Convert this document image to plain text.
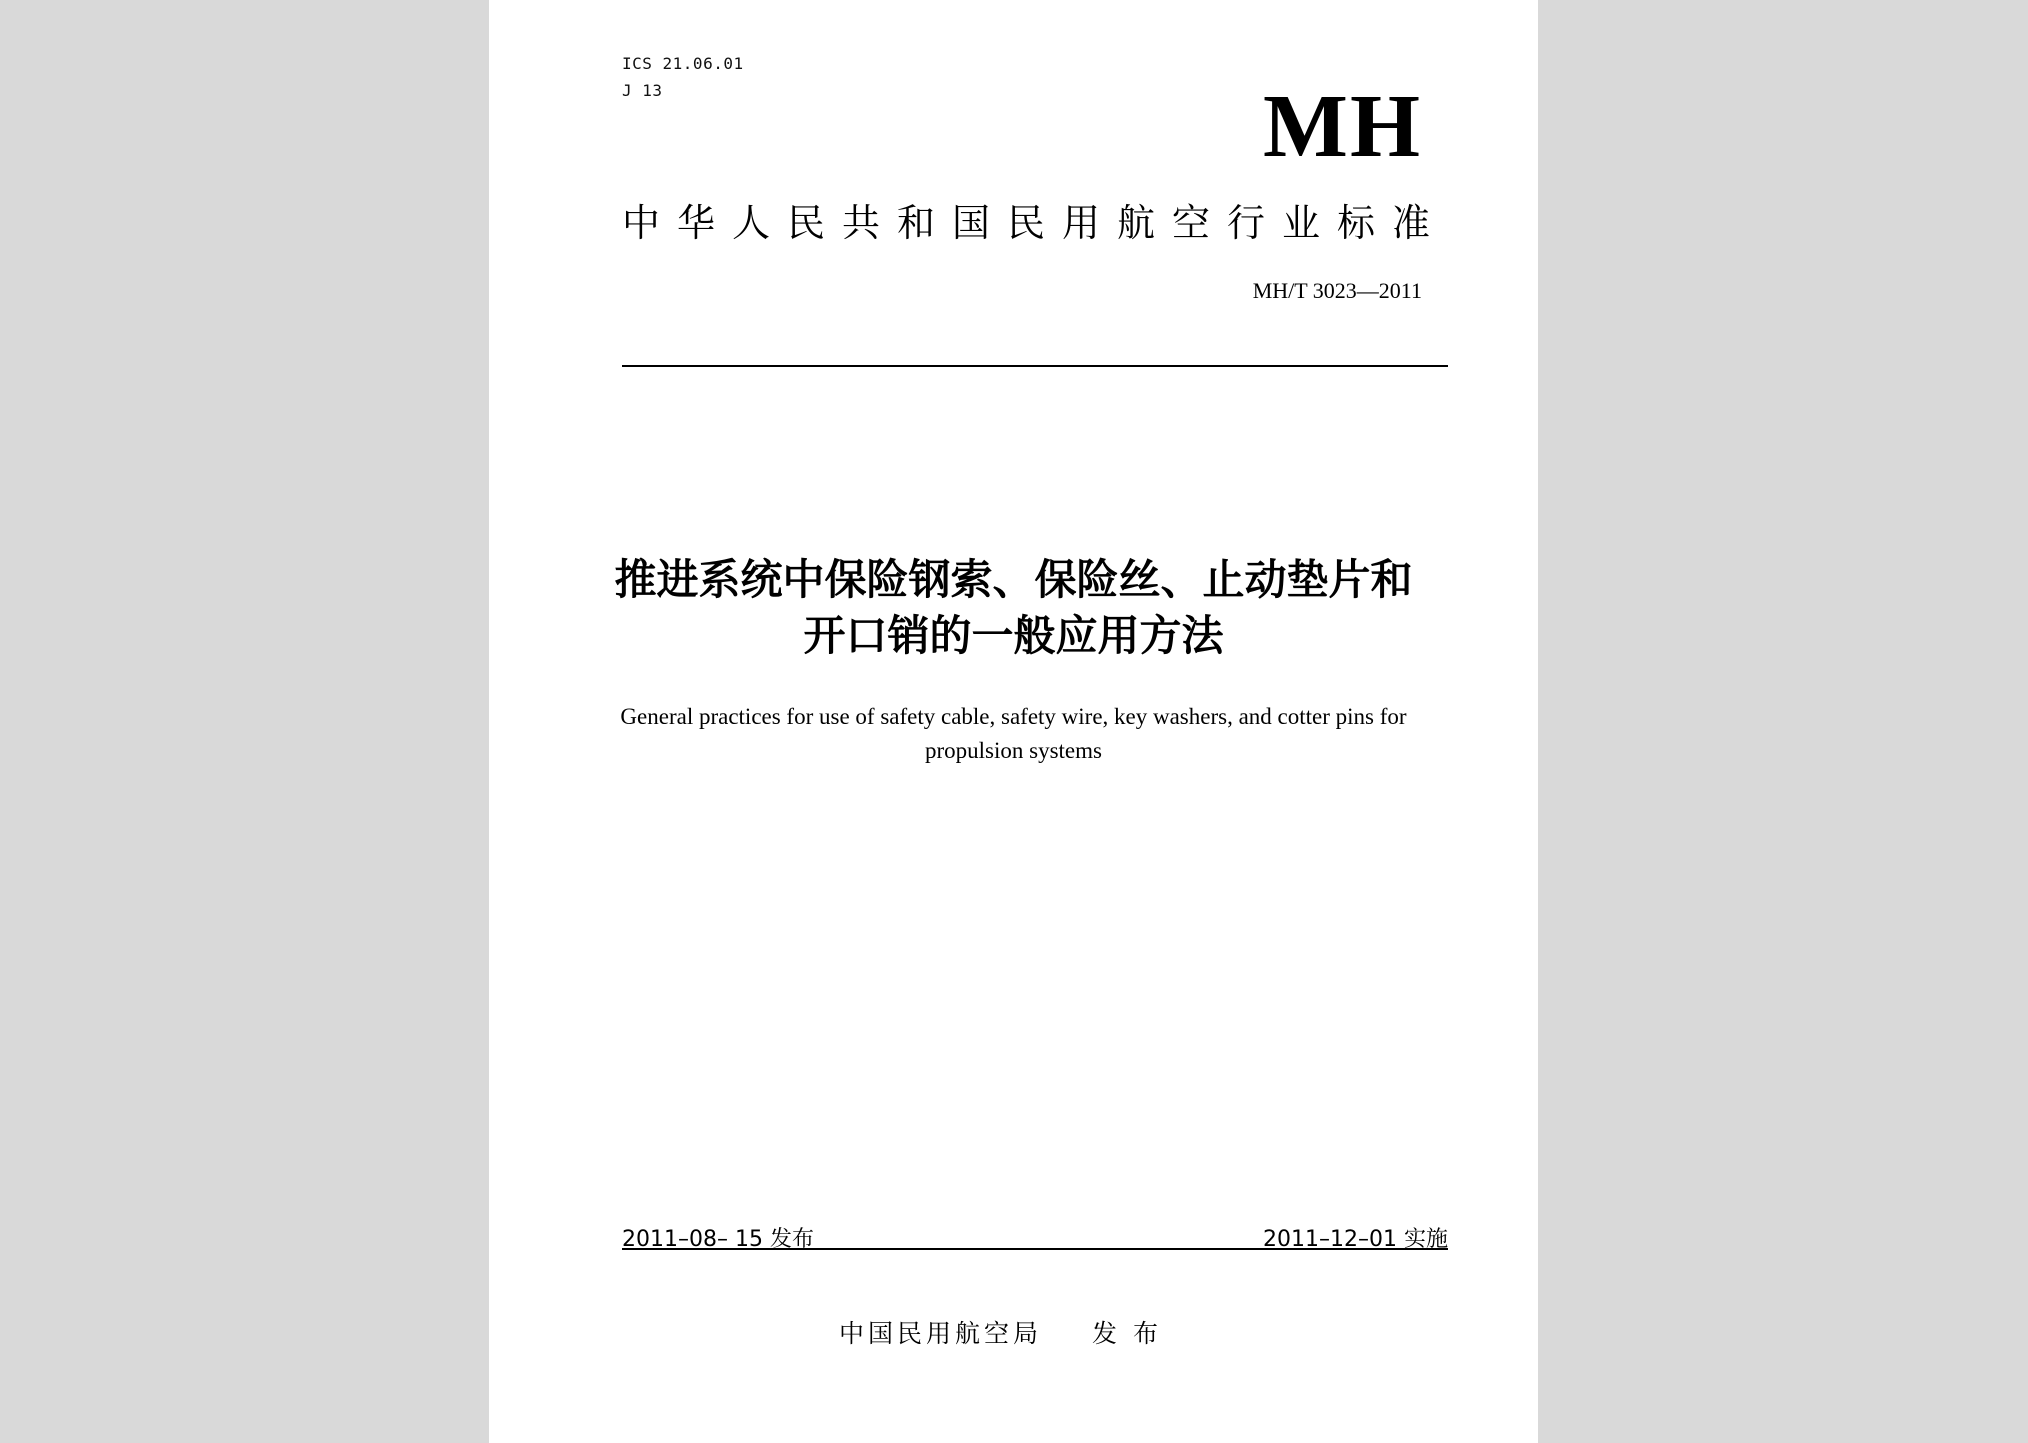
ICS 21.06.01
J 13	MH
中华人民共和国民用航空行业标准
MH/T 3023—2011
推进系统中保险钢索、保险丝、止动垫片和
开口销的一般应用方法
General practices for use of safety cable, safety wire, key washers, and cotter pins for
propulsion systems
2011–08– 15 发布	2011–12–01 实施
中国民用航空局 发 布
